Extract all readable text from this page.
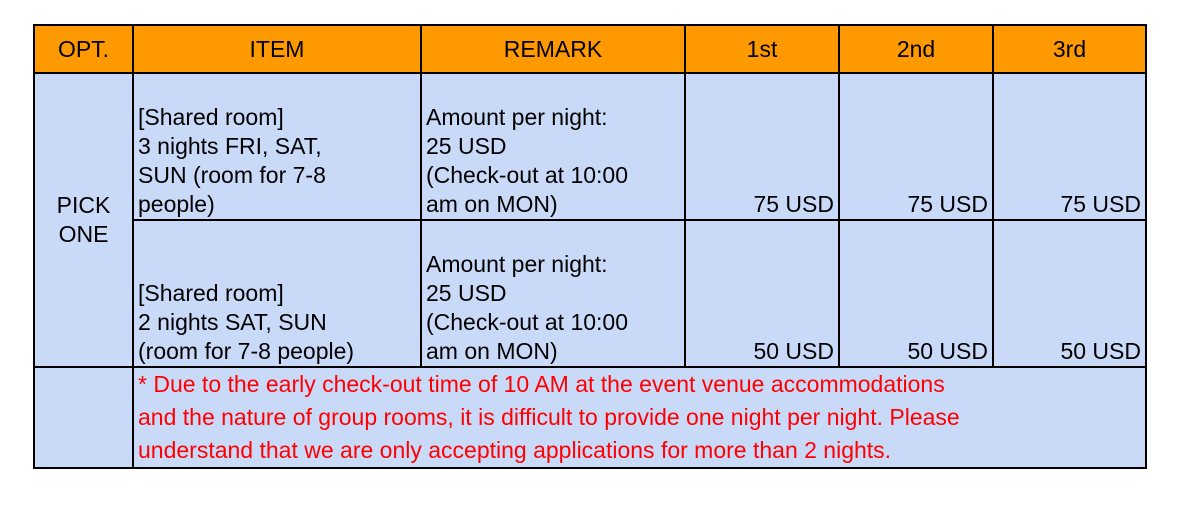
OPT.	ITEM	REMARK	1st	2nd	3rd

PICK
ONE	[Shared room]
3 nights FRI, SAT,
SUN (room for 7-8
people)	Amount per night:
25 USD
(Check-out at 10:00
am on MON)	75 USD	75 USD	75 USD

	[Shared room]
2 nights SAT, SUN
(room for 7-8 people)	Amount per night:
25 USD
(Check-out at 10:00
am on MON)	50 USD	50 USD	50 USD

	* Due to the early check-out time of 10 AM at the event venue accommodations
and the nature of group rooms, it is difficult to provide one night per night. Please
understand that we are only accepting applications for more than 2 nights.				
